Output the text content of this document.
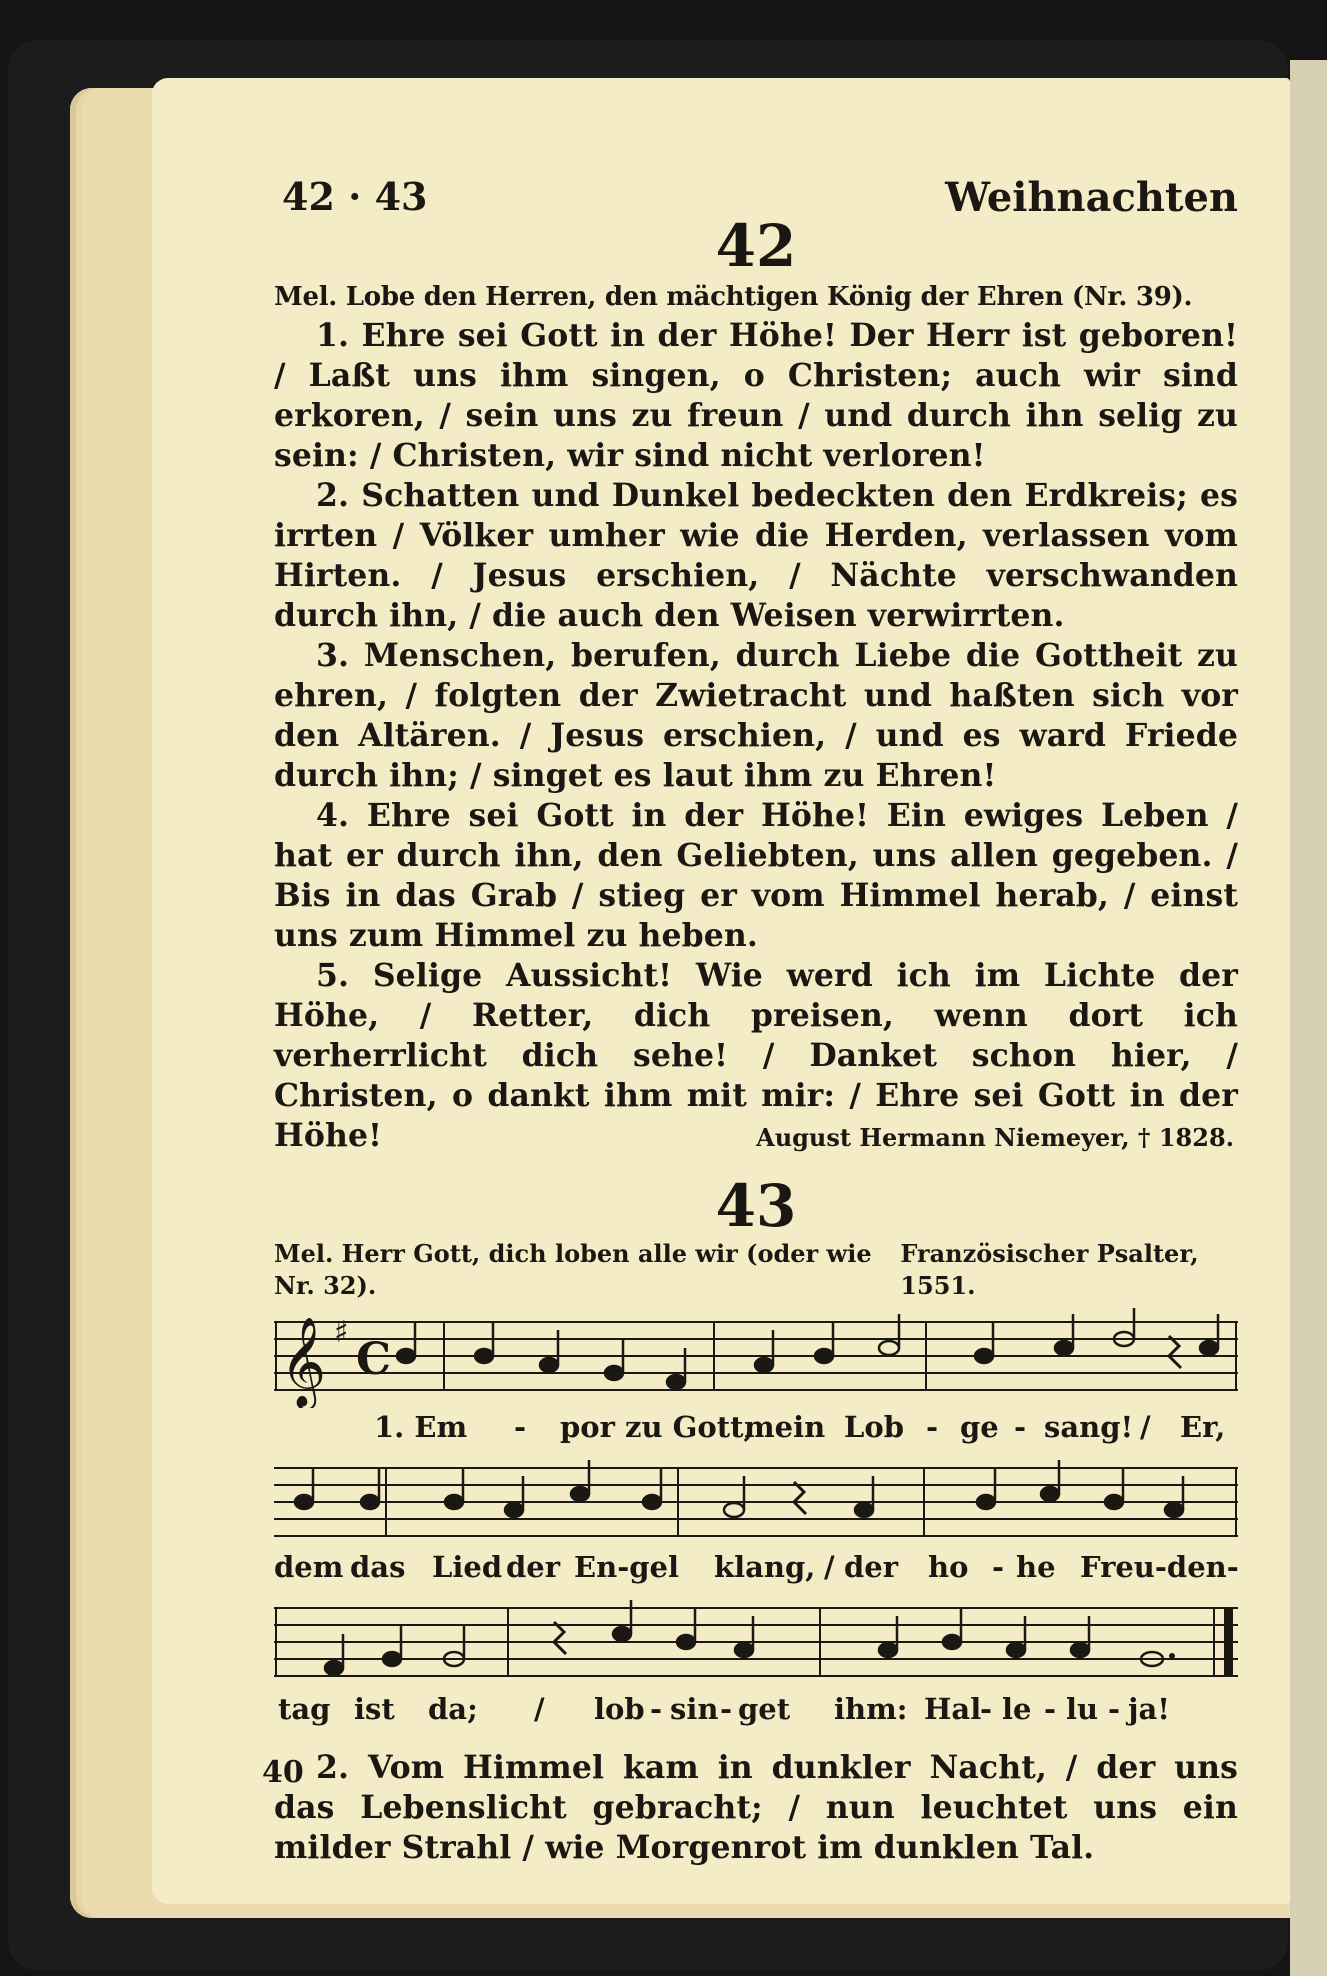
42 · 43	Weihnachten
42
Mel. Lobe den Herren, den mächtigen König der Ehren (Nr. 39).

1. Ehre sei Gott in der Höhe! Der Herr ist geboren! / Laßt uns ihm singen, o Christen; auch wir sind erkoren, / sein uns zu freun / und durch ihn selig zu sein: / Christen, wir sind nicht verloren!

2. Schatten und Dunkel bedeckten den Erdkreis; es irrten / Völker umher wie die Herden, verlassen vom Hirten. / Jesus erschien, / Nächte verschwanden durch ihn, / die auch den Weisen verwirrten.

3. Menschen, berufen, durch Liebe die Gottheit zu ehren, / folgten der Zwietracht und haßten sich vor den Altären. / Jesus erschien, / und es ward Friede durch ihn; / singet es laut ihm zu Ehren!

4. Ehre sei Gott in der Höhe! Ein ewiges Leben / hat er durch ihn, den Geliebten, uns allen gegeben. / Bis in das Grab / stieg er vom Himmel herab, / einst uns zum Himmel zu heben.

5. Selige Aussicht! Wie werd ich im Lichte der Höhe, / Retter, dich preisen, wenn dort ich verherrlicht dich sehe! / Danket schon hier, / Christen, o dankt ihm mit mir: / Ehre sei Gott in der Höhe!	August Hermann Niemeyer, † 1828.
43
Mel. Herr Gott, dich loben alle wir (oder wie Nr. 32).
Französischer Psalter, 1551.
𝄞 ♯
C
1. Em - por zu Gott,
mein Lob - ge - sang! / Er,
dem das Lied der En-gel klang, / der ho - he Freu-den-
tag ist da; / lob - sin - get ihm: Hal
- le - lu - ja!

2. Vom Himmel kam in dunkler Nacht, / der uns das Lebenslicht gebracht; / nun leuchtet uns ein milder Strahl / wie Morgenrot im dunklen Tal.

40
